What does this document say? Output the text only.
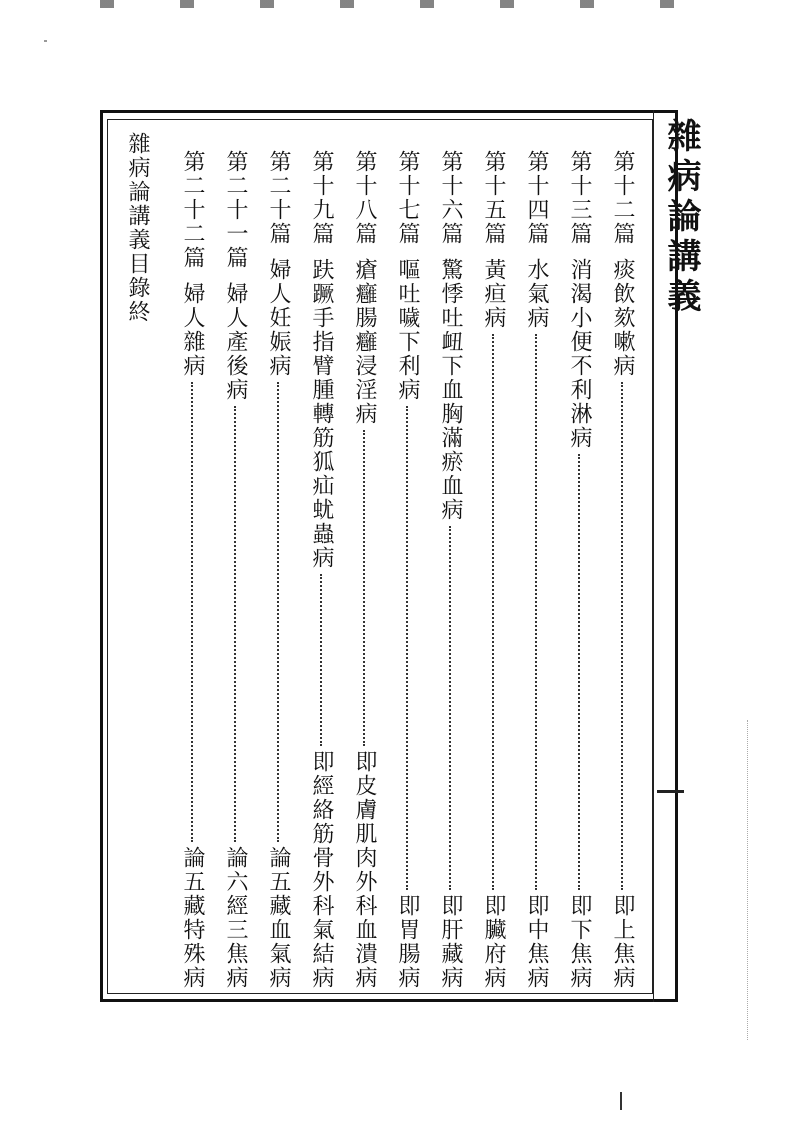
雜病論講義
第十二篇
痰飲欬嗽病
即上焦病
第十三篇
消渴小便不利淋病
即下焦病
第十四篇
水氣病
即中焦病
第十五篇
黃疸病
即臟府病
第十六篇
驚悸吐衄下血胸滿瘀血病
即肝藏病
第十七篇
嘔吐噦下利病
即胃腸病
第十八篇
瘡癰腸癰浸淫病
即皮膚肌肉外科血潰病
第十九篇
趺蹶手指臂腫轉筋狐疝蚘蟲病
即經絡筋骨外科氣結病
第二十篇
婦人妊娠病
論五藏血氣病
第二十一篇
婦人產後病
論六經三焦病
第二十二篇
婦人雜病
論五藏特殊病
雜病論講義目錄終
